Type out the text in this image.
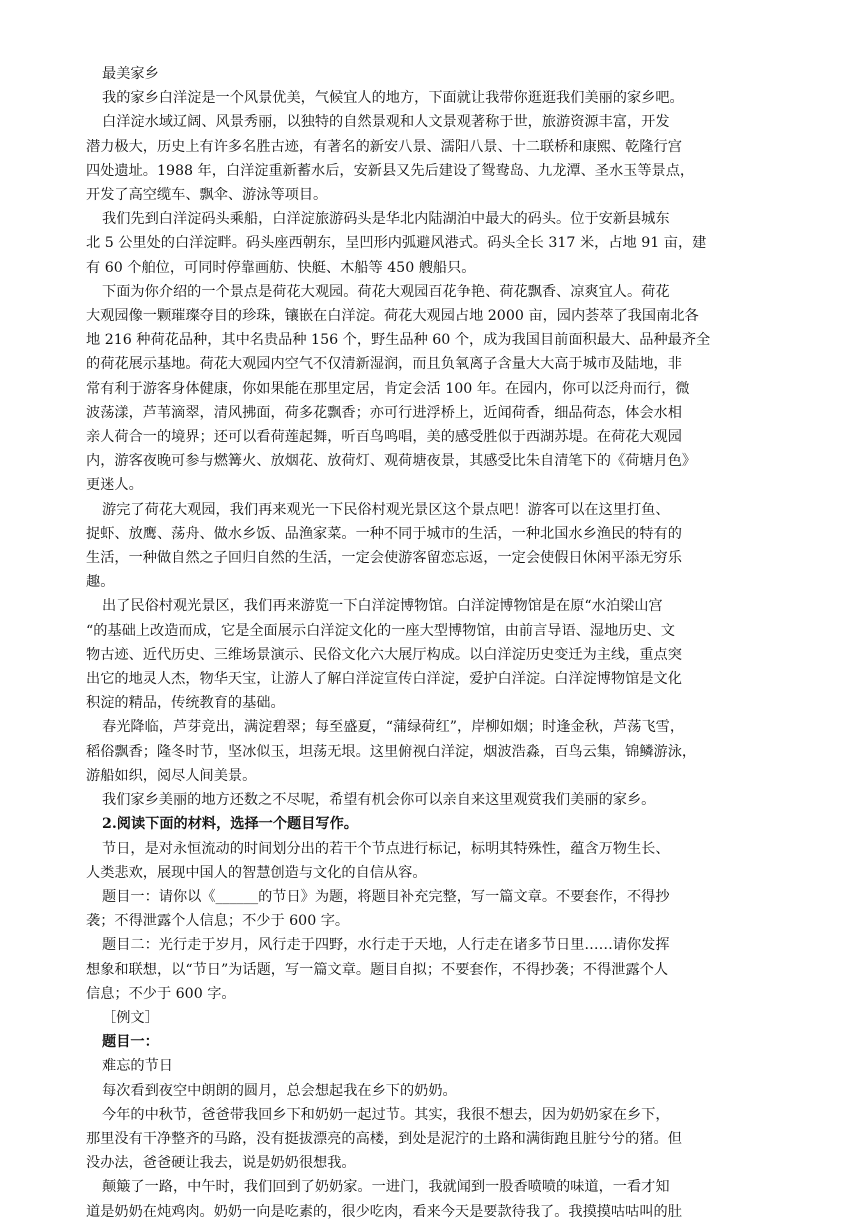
最美家乡

我的家乡白洋淀是一个风景优美，气候宜人的地方，下面就让我带你逛逛我们美丽的家乡吧。

白洋淀水域辽阔、风景秀丽，以独特的自然景观和人文景观著称于世，旅游资源丰富，开发

潜力极大，历史上有许多名胜古迹，有著名的新安八景、濡阳八景、十二联桥和康熙、乾隆行宫

四处遗址。1988 年，白洋淀重新蓄水后，安新县又先后建设了鸳鸯岛、九龙潭、圣水玉等景点，

开发了高空缆车、飘伞、游泳等项目。

我们先到白洋淀码头乘船，白洋淀旅游码头是华北内陆湖泊中最大的码头。位于安新县城东

北 5 公里处的白洋淀畔。码头座西朝东，呈凹形内弧避风港式。码头全长 317 米，占地 91 亩，建

有 60 个舶位，可同时停靠画舫、快艇、木船等 450 艘船只。

下面为你介绍的一个景点是荷花大观园。荷花大观园百花争艳、荷花飘香、凉爽宜人。荷花

大观园像一颗璀璨夺目的珍珠，镶嵌在白洋淀。荷花大观园占地 2000 亩，园内荟萃了我国南北各

地 216 种荷花品种，其中名贵品种 156 个，野生品种 60 个，成为我国目前面积最大、品种最齐全

的荷花展示基地。荷花大观园内空气不仅清新湿润，而且负氧离子含量大大高于城市及陆地，非

常有利于游客身体健康，你如果能在那里定居，肯定会活 100 年。在园内，你可以泛舟而行，微

波荡漾，芦苇滴翠，清风拂面，荷多花飘香；亦可行进浮桥上，近闻荷香，细品荷态，体会水相

亲人荷合一的境界；还可以看荷莲起舞，听百鸟鸣唱，美的感受胜似于西湖苏堤。在荷花大观园

内，游客夜晚可参与燃篝火、放烟花、放荷灯、观荷塘夜景，其感受比朱自清笔下的《荷塘月色》

更迷人。

游完了荷花大观园，我们再来观光一下民俗村观光景区这个景点吧！游客可以在这里打鱼、

捉虾、放鹰、荡舟、做水乡饭、品渔家菜。一种不同于城市的生活，一种北国水乡渔民的特有的

生活，一种做自然之子回归自然的生活，一定会使游客留恋忘返，一定会使假日休闲平添无穷乐

趣。

出了民俗村观光景区，我们再来游览一下白洋淀博物馆。白洋淀博物馆是在原“水泊梁山宫

“的基础上改造而成，它是全面展示白洋淀文化的一座大型博物馆，由前言导语、湿地历史、文

物古迹、近代历史、三维场景演示、民俗文化六大展厅构成。以白洋淀历史变迁为主线，重点突

出它的地灵人杰，物华天宝，让游人了解白洋淀宣传白洋淀，爱护白洋淀。白洋淀博物馆是文化

积淀的精品，传统教育的基础。

春光降临，芦芽竞出，满淀碧翠；每至盛夏，“蒲绿荷红”，岸柳如烟；时逢金秋，芦荡飞雪，

稻俗飘香；隆冬时节，坚冰似玉，坦荡无垠。这里俯视白洋淀，烟波浩淼，百鸟云集，锦鳞游泳，

游船如织，阅尽人间美景。

我们家乡美丽的地方还数之不尽呢，希望有机会你可以亲自来这里观赏我们美丽的家乡。

2.阅读下面的材料，选择一个题目写作。

节日，是对永恒流动的时间划分出的若干个节点进行标记，标明其特殊性，蕴含万物生长、

人类悲欢，展现中国人的智慧创造与文化的自信从容。

题目一：请你以《______的节日》为题，将题目补充完整，写一篇文章。不要套作，不得抄

袭；不得泄露个人信息；不少于 600 字。

题目二：光行走于岁月，风行走于四野，水行走于天地，人行走在诸多节日里……请你发挥

想象和联想，以“节日”为话题，写一篇文章。题目自拟；不要套作，不得抄袭；不得泄露个人

信息；不少于 600 字。

［例文］

题目一：

难忘的节日

每次看到夜空中朗朗的圆月，总会想起我在乡下的奶奶。

今年的中秋节，爸爸带我回乡下和奶奶一起过节。其实，我很不想去，因为奶奶家在乡下，

那里没有干净整齐的马路，没有挺拔漂亮的高楼，到处是泥泞的土路和满街跑且脏兮兮的猪。但

没办法，爸爸硬让我去，说是奶奶很想我。

颠簸了一路，中午时，我们回到了奶奶家。一进门，我就闻到一股香喷喷的味道，一看才知

道是奶奶在炖鸡肉。奶奶一向是吃素的，很少吃肉，看来今天是要款待我了。我摸摸咕咕叫的肚
